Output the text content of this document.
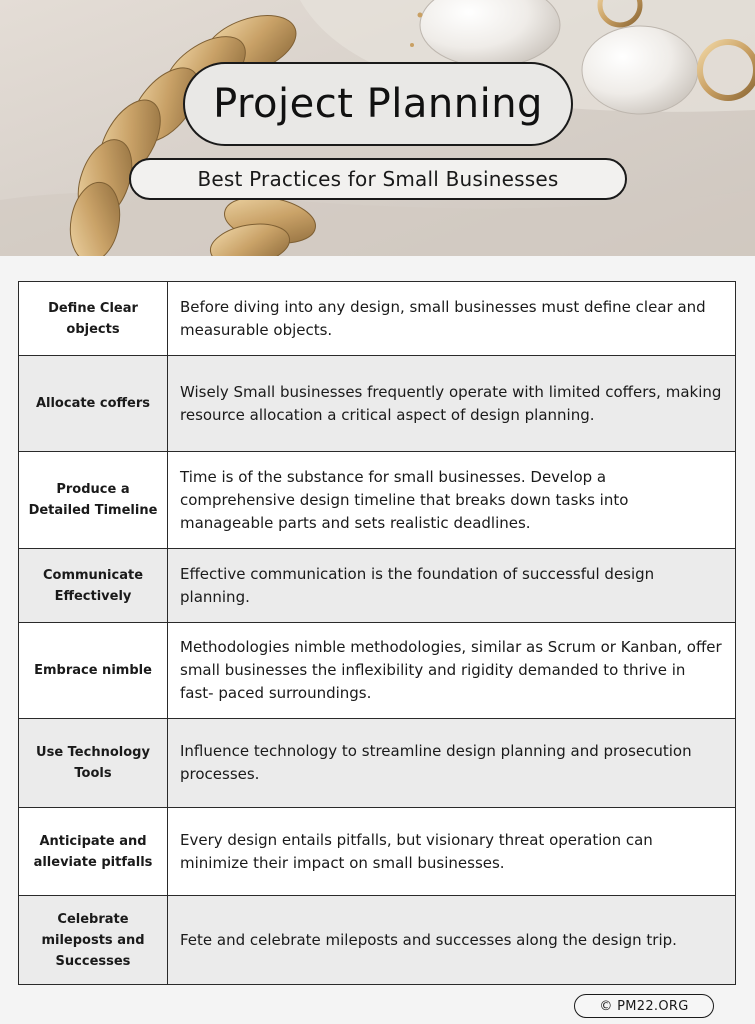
Project Planning
Best Practices for Small Businesses
Define Clear objects	Before diving into any design, small businesses must define clear and measurable objects.
Allocate coffers	Wisely Small businesses frequently operate with limited coffers, making resource allocation a critical aspect of design planning.
Produce a Detailed Timeline	Time is of the substance for small businesses. Develop a comprehensive design timeline that breaks down tasks into manageable parts and sets realistic deadlines.
Communicate Effectively	Effective communication is the foundation of successful design planning.
Embrace nimble	Methodologies nimble methodologies, similar as Scrum or Kanban, offer small businesses the inflexibility and rigidity demanded to thrive in fast- paced surroundings.
Use Technology Tools	Influence technology to streamline design planning and prosecution processes.
Anticipate and alleviate pitfalls	Every design entails pitfalls, but visionary threat operation can minimize their impact on small businesses.
Celebrate mileposts and Successes	Fete and celebrate mileposts and successes along the design trip.
© PM22.ORG
